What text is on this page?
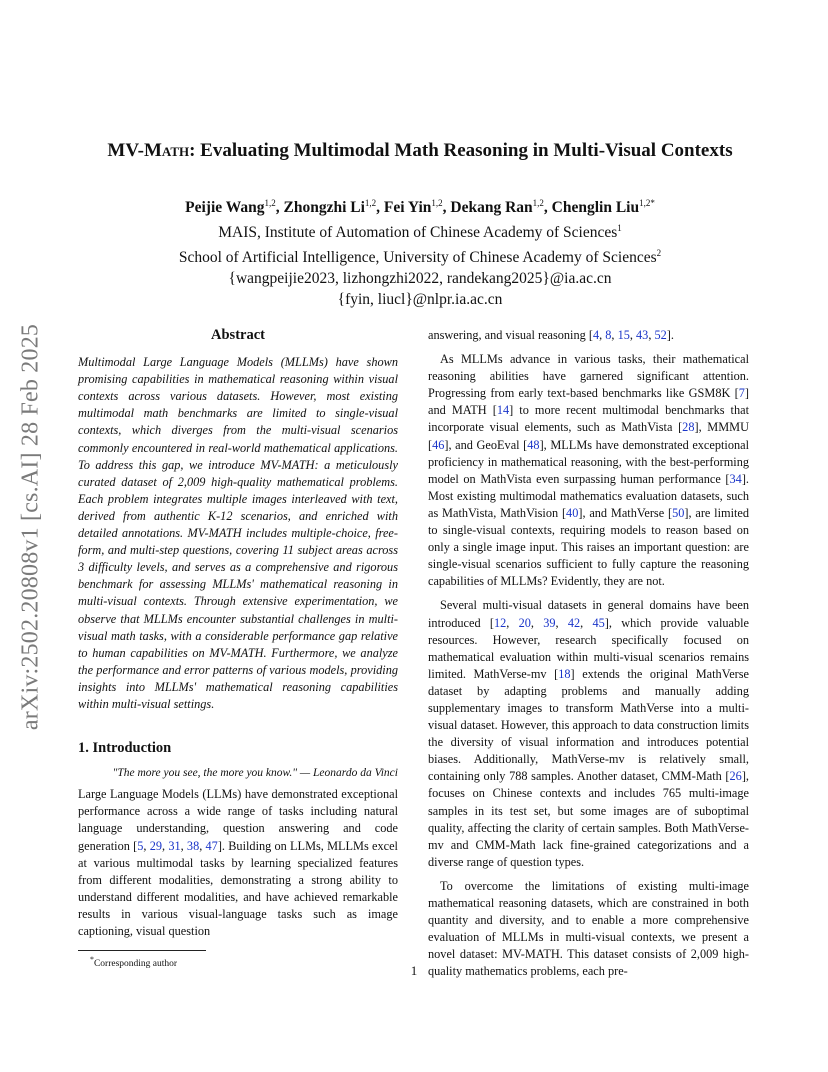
arXiv:2502.20808v1 [cs.AI] 28 Feb 2025
MV-Math: Evaluating Multimodal Math Reasoning in Multi-Visual Contexts
Peijie Wang$^{1,2}$, Zhongzhi Li$^{1,2}$, Fei Yin$^{1,2}$, Dekang Ran$^{1,2}$, Chenglin Liu$^{1,2*}$
MAIS, Institute of Automation of Chinese Academy of Sciences$^1$
School of Artificial Intelligence, University of Chinese Academy of Sciences$^2$
{wangpeijie2023, lizhongzhi2022, randekang2025}@ia.ac.cn
{fyin, liucl}@nlpr.ia.ac.cn
Abstract

Multimodal Large Language Models (MLLMs) have shown promising capabilities in mathematical reasoning within visual contexts across various datasets. However, most existing multimodal math benchmarks are limited to single-visual contexts, which diverges from the multi-visual scenarios commonly encountered in real-world mathematical applications. To address this gap, we introduce MV-MATH: a meticulously curated dataset of 2,009 high-quality mathematical problems. Each problem integrates multiple images interleaved with text, derived from authentic K-12 scenarios, and enriched with detailed annotations. MV-MATH includes multiple-choice, free-form, and multi-step questions, covering 11 subject areas across 3 difficulty levels, and serves as a comprehensive and rigorous benchmark for assessing MLLMs' mathematical reasoning in multi-visual contexts. Through extensive experimentation, we observe that MLLMs encounter substantial challenges in multi-visual math tasks, with a considerable performance gap relative to human capabilities on MV-MATH. Furthermore, we analyze the performance and error patterns of various models, providing insights into MLLMs' mathematical reasoning capabilities within multi-visual settings.

1. Introduction

"The more you see, the more you know." — Leonardo da Vinci

Large Language Models (LLMs) have demonstrated exceptional performance across a wide range of tasks including natural language understanding, question answering and code generation [5, 29, 31, 38, 47]. Building on LLMs, MLLMs excel at various multimodal tasks by learning specialized features from different modalities, demonstrating a strong ability to understand different modalities, and have achieved remarkable results in various visual-language tasks such as image captioning, visual question

*Corresponding author

answering, and visual reasoning [4, 8, 15, 43, 52].

As MLLMs advance in various tasks, their mathematical reasoning abilities have garnered significant attention. Progressing from early text-based benchmarks like GSM8K [7] and MATH [14] to more recent multimodal benchmarks that incorporate visual elements, such as MathVista [28], MMMU [46], and GeoEval [48], MLLMs have demonstrated exceptional proficiency in mathematical reasoning, with the best-performing model on MathVista even surpassing human performance [34]. Most existing multimodal mathematics evaluation datasets, such as MathVista, MathVision [40], and MathVerse [50], are limited to single-visual contexts, requiring models to reason based on only a single image input. This raises an important question: are single-visual scenarios sufficient to fully capture the reasoning capabilities of MLLMs? Evidently, they are not.

Several multi-visual datasets in general domains have been introduced [12, 20, 39, 42, 45], which provide valuable resources. However, research specifically focused on mathematical evaluation within multi-visual scenarios remains limited. MathVerse-mv [18] extends the original MathVerse dataset by adapting problems and manually adding supplementary images to transform MathVerse into a multi-visual dataset. However, this approach to data construction limits the diversity of visual information and introduces potential biases. Additionally, MathVerse-mv is relatively small, containing only 788 samples. Another dataset, CMM-Math [26], focuses on Chinese contexts and includes 765 multi-image samples in its test set, but some images are of suboptimal quality, affecting the clarity of certain samples. Both MathVerse-mv and CMM-Math lack fine-grained categorizations and a diverse range of question types.

To overcome the limitations of existing multi-image mathematical reasoning datasets, which are constrained in both quantity and diversity, and to enable a more comprehensive evaluation of MLLMs in multi-visual contexts, we present a novel dataset: MV-MATH. This dataset consists of 2,009 high-quality mathematics problems, each pre-

1
